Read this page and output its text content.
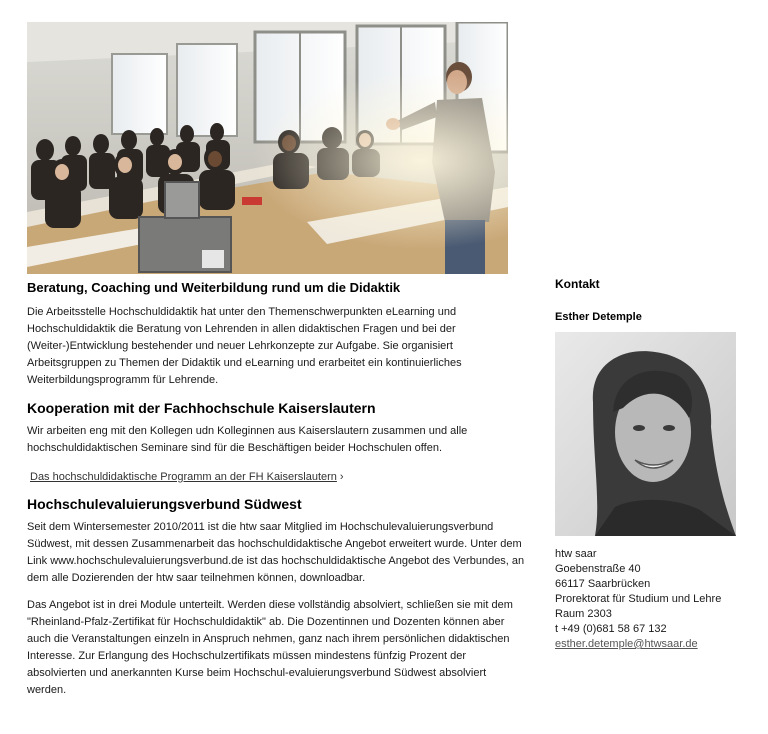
Beratung, Coaching und Weiterbildung rund um die Didaktik

Die Arbeitsstelle Hochschuldidaktik hat unter den Themenschwerpunkten eLearning und Hochschuldidaktik die Beratung von Lehrenden in allen didaktischen Fragen und bei der (Weiter-)Entwicklung bestehender und neuer Lehrkonzepte zur Aufgabe. Sie organisiert Arbeitsgruppen zu Themen der Didaktik und eLearning und erarbeitet ein kontinuierliches Weiterbildungsprogramm für Lehrende.

Kooperation mit der Fachhochschule Kaiserslautern

Wir arbeiten eng mit den Kollegen udn Kolleginnen aus Kaiserslautern zusammen und alle hochschuldidaktischen Seminare sind für die Beschäftigen beider Hochschulen offen.

Das hochschuldidaktische Programm an der FH Kaiserslautern ›
Hochschulevaluierungsverbund Südwest

Seit dem Wintersemester 2010/2011 ist die htw saar Mitglied im Hochschulevaluierungsverbund Südwest, mit dessen Zusammenarbeit das hochschuldidaktische Angebot erweitert wurde. Unter dem Link www.hochschulevaluierungsverbund.de ist das hochschuldidaktische Angebot des Verbundes, an dem alle Dozierenden der htw saar teilnehmen können, downloadbar.

Das Angebot ist in drei Module unterteilt. Werden diese vollständig absolviert, schließen sie mit dem "Rheinland-Pfalz-Zertifikat für Hochschuldidaktik" ab. Die Dozentinnen und Dozenten können aber auch die Veranstaltungen einzeln in Anspruch nehmen, ganz nach ihrem persönlichen didaktischen Interesse. Zur Erlangung des Hochschulzertifikats müssen mindestens fünfzig Prozent der absolvierten und anerkannten Kurse beim Hochschul-evaluierungsverbund Südwest absolviert werden.

Kontakt
Esther Detemple
htw saar
Goebenstraße 40
66117 Saarbrücken
Prorektorat für Studium und Lehre
Raum 2303
t +49 (0)681 58 67 132
esther.detemple@htwsaar.de
